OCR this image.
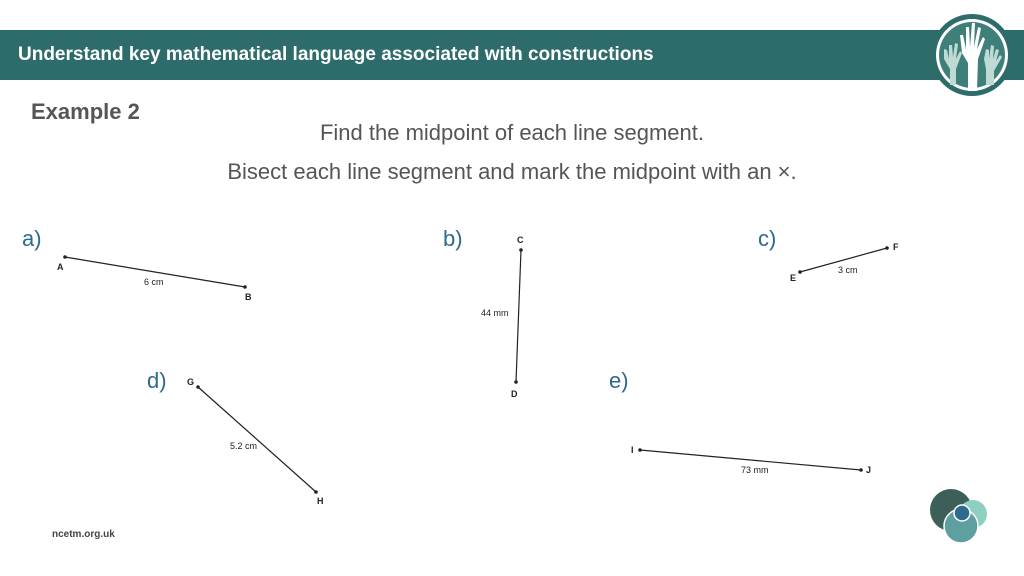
Understand key mathematical language associated with constructions
Example 2
Find the midpoint of each line segment.
Bisect each line segment and mark the midpoint with an ×.
a)	b)	c)
d)	e)
A
B
6 cm
C
D
44 mm
E
F
3 cm
G
H
5.2 cm	I
J
73 mm
ncetm.org.uk
